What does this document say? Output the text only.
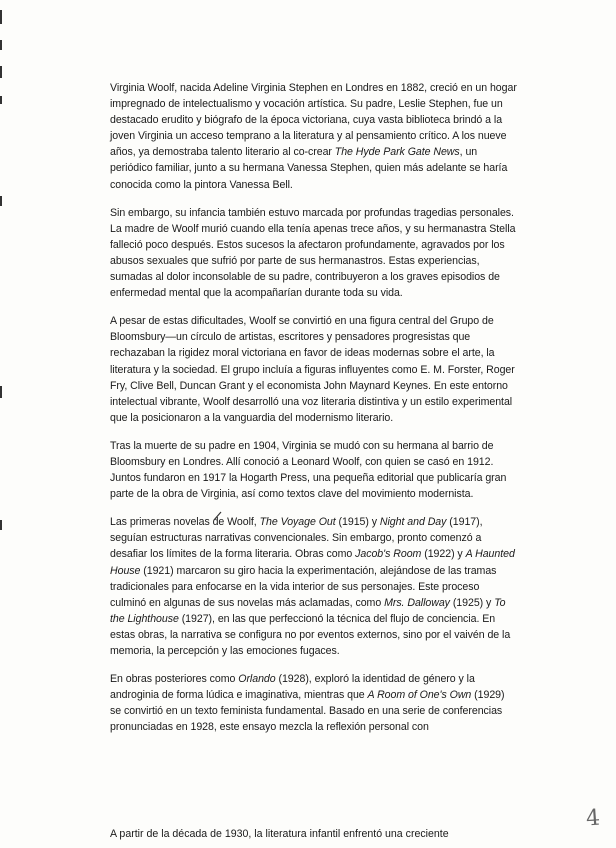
Virginia Woolf, nacida Adeline Virginia Stephen en Londres en 1882, creció en un hogar impregnado de intelectualismo y vocación artística. Su padre, Leslie Stephen, fue un destacado erudito y biógrafo de la época victoriana, cuya vasta biblioteca brindó a la joven Virginia un acceso temprano a la literatura y al pensamiento crítico. A los nueve años, ya demostraba talento literario al co-crear The Hyde Park Gate News, un periódico familiar, junto a su hermana Vanessa Stephen, quien más adelante se haría conocida como la pintora Vanessa Bell.

Sin embargo, su infancia también estuvo marcada por profundas tragedias personales. La madre de Woolf murió cuando ella tenía apenas trece años, y su hermanastra Stella falleció poco después. Estos sucesos la afectaron profundamente, agravados por los abusos sexuales que sufrió por parte de sus hermanastros. Estas experiencias, sumadas al dolor inconsolable de su padre, contribuyeron a los graves episodios de enfermedad mental que la acompañarían durante toda su vida.

A pesar de estas dificultades, Woolf se convirtió en una figura central del Grupo de Bloomsbury—un círculo de artistas, escritores y pensadores progresistas que rechazaban la rigidez moral victoriana en favor de ideas modernas sobre el arte, la literatura y la sociedad. El grupo incluía a figuras influyentes como E. M. Forster, Roger Fry, Clive Bell, Duncan Grant y el economista John Maynard Keynes. En este entorno intelectual vibrante, Woolf desarrolló una voz literaria distintiva y un estilo experimental que la posicionaron a la vanguardia del modernismo literario.

Tras la muerte de su padre en 1904, Virginia se mudó con su hermana al barrio de Bloomsbury en Londres. Allí conoció a Leonard Woolf, con quien se casó en 1912. Juntos fundaron en 1917 la Hogarth Press, una pequeña editorial que publicaría gran parte de la obra de Virginia, así como textos clave del movimiento modernista.

Las primeras novelas de Woolf, The Voyage Out (1915) y Night and Day (1917), seguían estructuras narrativas convencionales. Sin embargo, pronto comenzó a desafiar los límites de la forma literaria. Obras como Jacob's Room (1922) y A Haunted House (1921) marcaron su giro hacia la experimentación, alejándose de las tramas tradicionales para enfocarse en la vida interior de sus personajes. Este proceso culminó en algunas de sus novelas más aclamadas, como Mrs. Dalloway (1925) y To the Lighthouse (1927), en las que perfeccionó la técnica del flujo de conciencia. En estas obras, la narrativa se configura no por eventos externos, sino por el vaivén de la memoria, la percepción y las emociones fugaces.

En obras posteriores como Orlando (1928), exploró la identidad de género y la androginia de forma lúdica e imaginativa, mientras que A Room of One's Own (1929) se convirtió en un texto feminista fundamental. Basado en una serie de conferencias pronunciadas en 1928, este ensayo mezcla la reflexión personal con

4
A partir de la década de 1930, la literatura infantil enfrentó una creciente
